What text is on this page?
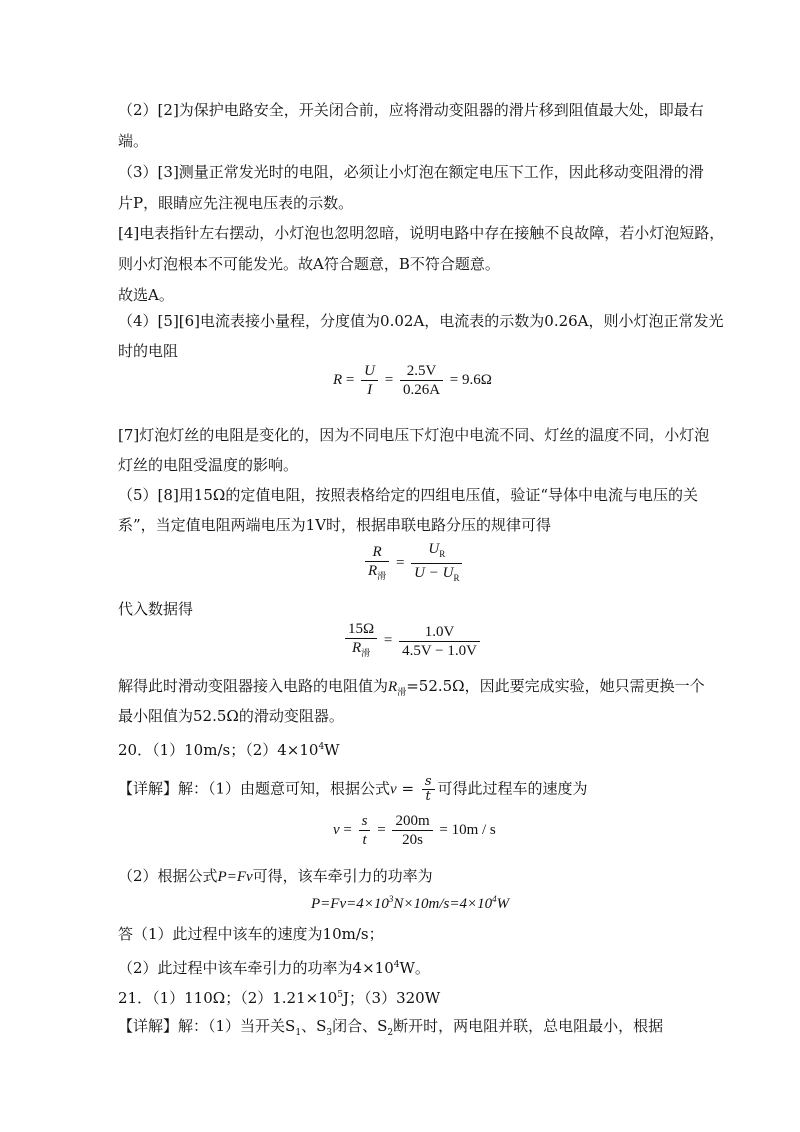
（2）[2]为保护电路安全，开关闭合前，应将滑动变阻器的滑片移到阻值最大处，即最右
端。
（3）[3]测量正常发光时的电阻，必须让小灯泡在额定电压下工作，因此移动变阻滑的滑
片P，眼睛应先注视电压表的示数。
[4]电表指针左右摆动，小灯泡也忽明忽暗，说明电路中存在接触不良故障，若小灯泡短路，
则小灯泡根本不可能发光。故A符合题意，B不符合题意。
故选A。
（4）[5][6]电流表接小量程，分度值为0.02A，电流表的示数为0.26A，则小灯泡正常发光
时的电阻
$R = \frac{U}{I} = \frac{2.5V}{0.26A} = 9.6\Omega$
[7]灯泡灯丝的电阻是变化的，因为不同电压下灯泡中电流不同、灯丝的温度不同，小灯泡
灯丝的电阻受温度的影响。
（5）[8]用15Ω的定值电阻，按照表格给定的四组电压值，验证“导体中电流与电压的关
系”，当定值电阻两端电压为1V时，根据串联电路分压的规律可得
$\frac{R}{R_滑} = \frac{U_R}{U - U_R}$
代入数据得
$\frac{15\Omega}{R_滑} = \frac{1.0V}{4.5V - 1.0V}$
解得此时滑动变阻器接入电路的电阻值为$R_滑=52.5\Omega$，因此要完成实验，她只需更换一个
最小阻值为52.5Ω的滑动变阻器。
20．（1）10m/s；$(2)4\times 10^4W$
【详解】解：（1）由题意可知，根据公式$v = \frac{s}{t}$ 可得此过程车的速度为
$v = \frac{s}{t} = \frac{200m}{20s} = 10m / s$
（2）根据公式P=Fv可得，该车牵引力的功率为
$P=Fv=4\times 10^3N\times 10m/s=4\times 10^4W$
答（1）此过程中该车的速度为10m/s；
（2）此过程中该车牵引力的功率为$4\times 10^4W$。
21．（1）110Ω；$(2)1.21\times 10^5J$；（3）320W
【详解】解：（1）当开关$S_1$、$S_3$闭合、$S_2$断开时，两电阻并联，总电阻最小，根据
